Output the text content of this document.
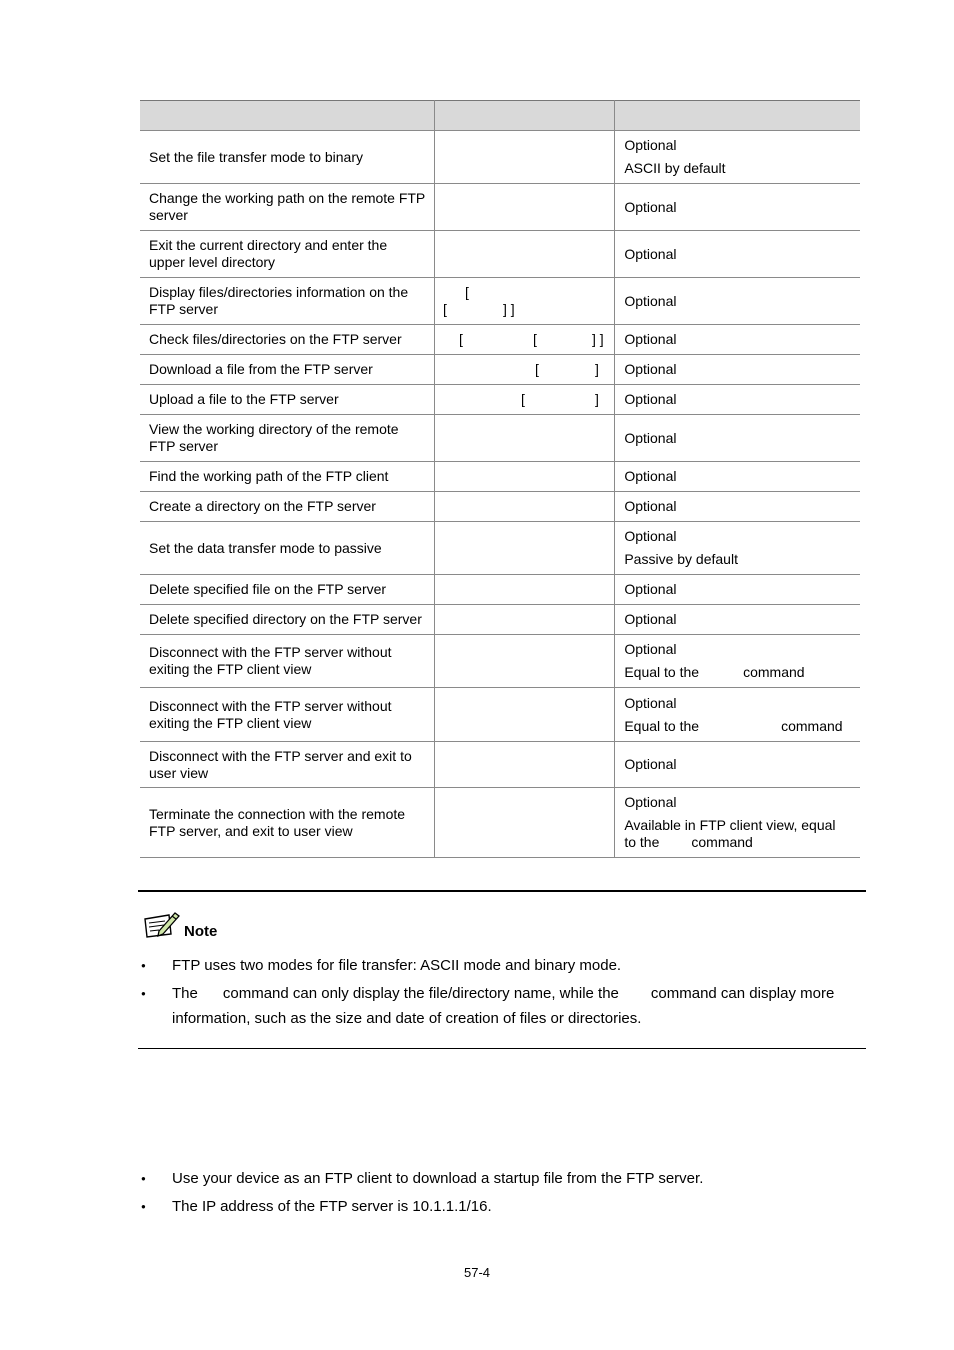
Set the file transfer mode to binary		Optional
ASCII by default

Change the working path on the remote FTP server		Optional
Exit the current directory and enter the upper level directory		Optional
Display files/directories information on the FTP server	[
[ ] ]	Optional
Check files/directories on the FTP server	[ [ ] ]	Optional
Download a file from the FTP server	[ ]	Optional
Upload a file to the FTP server	[ ]	Optional
View the working directory of the remote FTP server		Optional
Find the working path of the FTP client		Optional
Create a directory on the FTP server		Optional
Set the data transfer mode to passive		Optional
Passive by default

Delete specified file on the FTP server		Optional
Delete specified directory on the FTP server		Optional
Disconnect with the FTP server without exiting the FTP client view		Optional
Equal to the command

Disconnect with the FTP server without exiting the FTP client view		Optional
Equal to the command

Disconnect with the FTP server and exit to user view		Optional
Terminate the connection with the remote FTP server, and exit to user view		Optional
Available in FTP client view, equal
to the command
Note
● FTP uses two modes for file transfer: ASCII mode and binary mode.
● The command can only display the file/directory name, while the command can display more information, such as the size and date of creation of files or directories.
● Use your device as an FTP client to download a startup file from the FTP server.
● The IP address of the FTP server is 10.1.1.1/16.
57-4
